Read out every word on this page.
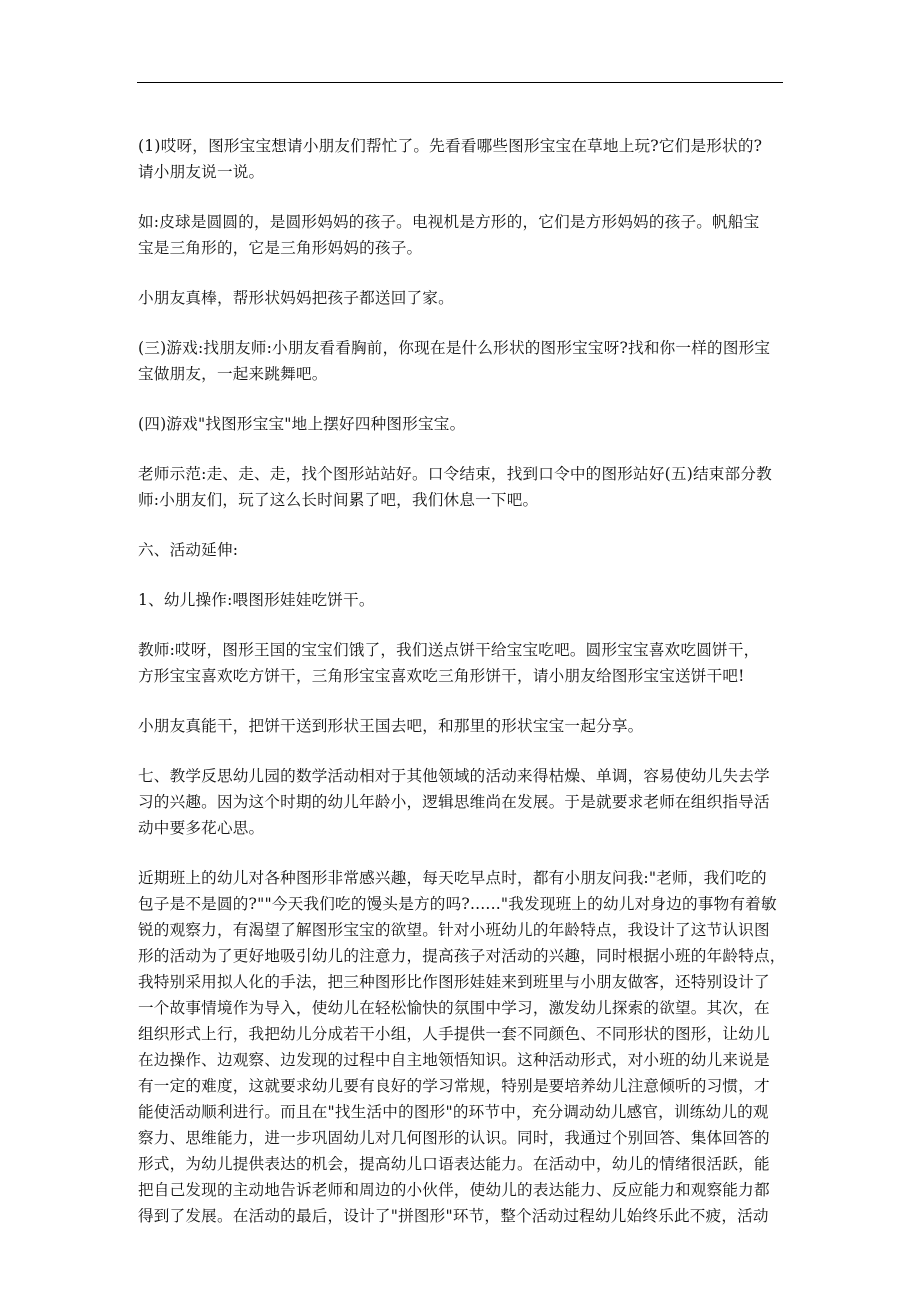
(1)哎呀，图形宝宝想请小朋友们帮忙了。先看看哪些图形宝宝在草地上玩?它们是形状的?
请小朋友说一说。

如:皮球是圆圆的，是圆形妈妈的孩子。电视机是方形的，它们是方形妈妈的孩子。帆船宝
宝是三角形的，它是三角形妈妈的孩子。

小朋友真棒，帮形状妈妈把孩子都送回了家。

(三)游戏:找朋友师:小朋友看看胸前，你现在是什么形状的图形宝宝呀?找和你一样的图形宝
宝做朋友，一起来跳舞吧。

(四)游戏"找图形宝宝"地上摆好四种图形宝宝。

老师示范:走、走、走，找个图形站站好。口令结束，找到口令中的图形站好(五)结束部分教
师:小朋友们，玩了这么长时间累了吧，我们休息一下吧。

六、活动延伸:

1、幼儿操作:喂图形娃娃吃饼干。

教师:哎呀，图形王国的宝宝们饿了，我们送点饼干给宝宝吃吧。圆形宝宝喜欢吃圆饼干，
方形宝宝喜欢吃方饼干，三角形宝宝喜欢吃三角形饼干，请小朋友给图形宝宝送饼干吧!

小朋友真能干，把饼干送到形状王国去吧，和那里的形状宝宝一起分享。

七、教学反思幼儿园的数学活动相对于其他领域的活动来得枯燥、单调，容易使幼儿失去学
习的兴趣。因为这个时期的幼儿年龄小，逻辑思维尚在发展。于是就要求老师在组织指导活
动中要多花心思。

近期班上的幼儿对各种图形非常感兴趣，每天吃早点时，都有小朋友问我:"老师，我们吃的
包子是不是圆的?""今天我们吃的馒头是方的吗?......"我发现班上的幼儿对身边的事物有着敏
锐的观察力，有渴望了解图形宝宝的欲望。针对小班幼儿的年龄特点，我设计了这节认识图
形的活动为了更好地吸引幼儿的注意力，提高孩子对活动的兴趣，同时根据小班的年龄特点，
我特别采用拟人化的手法，把三种图形比作图形娃娃来到班里与小朋友做客，还特别设计了
一个故事情境作为导入，使幼儿在轻松愉快的氛围中学习，激发幼儿探索的欲望。其次，在
组织形式上行，我把幼儿分成若干小组，人手提供一套不同颜色、不同形状的图形，让幼儿
在边操作、边观察、边发现的过程中自主地领悟知识。这种活动形式，对小班的幼儿来说是
有一定的难度，这就要求幼儿要有良好的学习常规，特别是要培养幼儿注意倾听的习惯，才
能使活动顺利进行。而且在"找生活中的图形"的环节中，充分调动幼儿感官，训练幼儿的观
察力、思维能力，进一步巩固幼儿对几何图形的认识。同时，我通过个别回答、集体回答的
形式，为幼儿提供表达的机会，提高幼儿口语表达能力。在活动中，幼儿的情绪很活跃，能
把自己发现的主动地告诉老师和周边的小伙伴，使幼儿的表达能力、反应能力和观察能力都
得到了发展。在活动的最后，设计了"拼图形"环节，整个活动过程幼儿始终乐此不疲，活动
